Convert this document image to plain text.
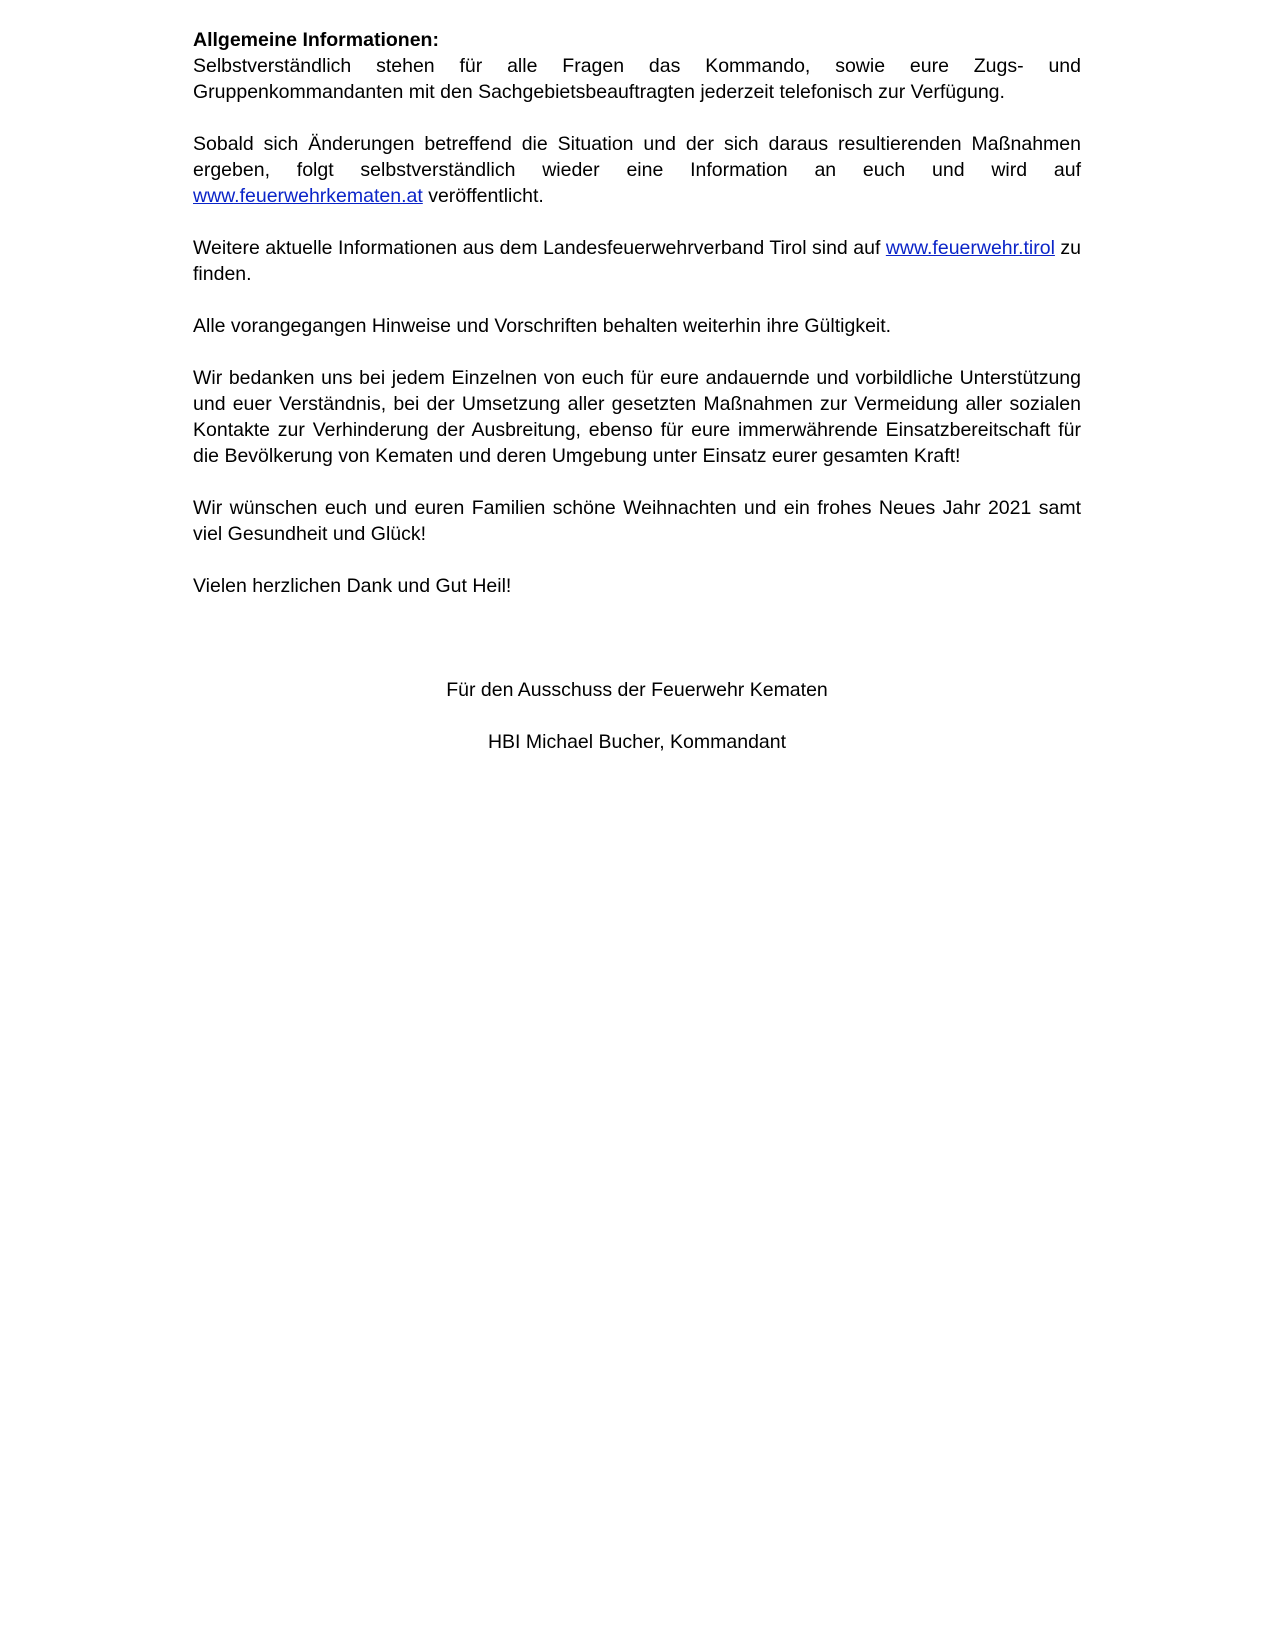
Allgemeine Informationen:

Selbstverständlich stehen für alle Fragen das Kommando, sowie eure Zugs- und Gruppenkommandanten mit den Sachgebietsbeauftragten jederzeit telefonisch zur Verfügung.

Sobald sich Änderungen betreffend die Situation und der sich daraus resultierenden Maßnahmen ergeben, folgt selbstverständlich wieder eine Information an euch und wird auf www.feuerwehrkematen.at veröffentlicht.

Weitere aktuelle Informationen aus dem Landesfeuerwehrverband Tirol sind auf www.feuerwehr.tirol zu finden.

Alle vorangegangen Hinweise und Vorschriften behalten weiterhin ihre Gültigkeit.

Wir bedanken uns bei jedem Einzelnen von euch für eure andauernde und vorbildliche Unterstützung und euer Verständnis, bei der Umsetzung aller gesetzten Maßnahmen zur Vermeidung aller sozialen Kontakte zur Verhinderung der Ausbreitung, ebenso für eure immerwährende Einsatzbereitschaft für die Bevölkerung von Kematen und deren Umgebung unter Einsatz eurer gesamten Kraft!

Wir wünschen euch und euren Familien schöne Weihnachten und ein frohes Neues Jahr 2021 samt viel Gesundheit und Glück!

Vielen herzlichen Dank und Gut Heil!

Für den Ausschuss der Feuerwehr Kematen

HBI Michael Bucher, Kommandant
